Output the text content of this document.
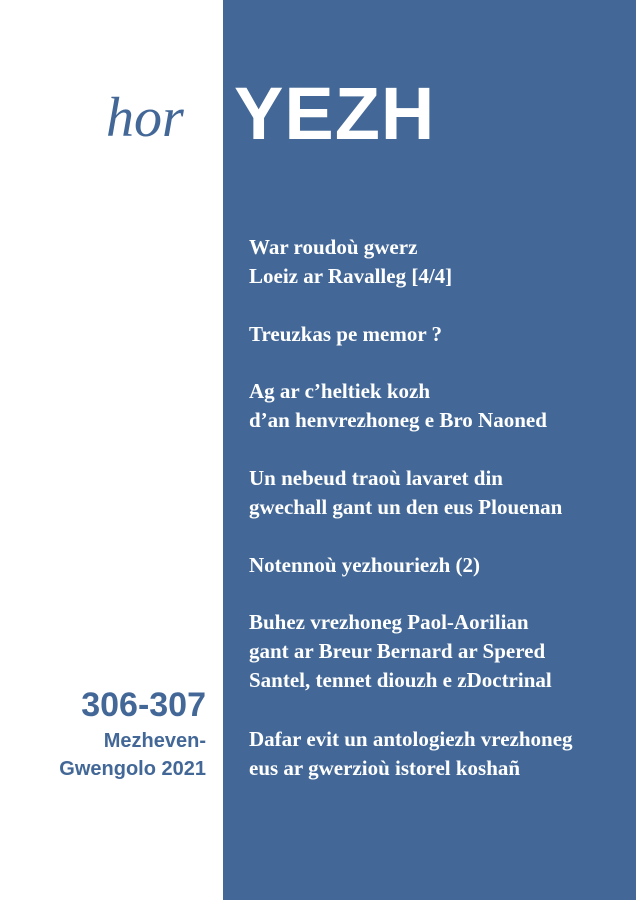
hor YEZH
War roudoù gwerz
Loeiz ar Ravalleg [4/4]
Treuzkas pe memor ?
Ag ar c’heltiek kozh
d’an henvrezhoneg e Bro Naoned
Un nebeud traoù lavaret din
gwechall gant un den eus Plouenan
Notennoù yezhouriezh (2)
Buhez vrezhoneg Paol-Aorilian
gant ar Breur Bernard ar Spered
Santel, tennet diouzh e zDoctrinal
Dafar evit un antologiezh vrezhoneg
eus ar gwerzioù istorel koshañ
306-307
Mezheven-
Gwengolo 2021
